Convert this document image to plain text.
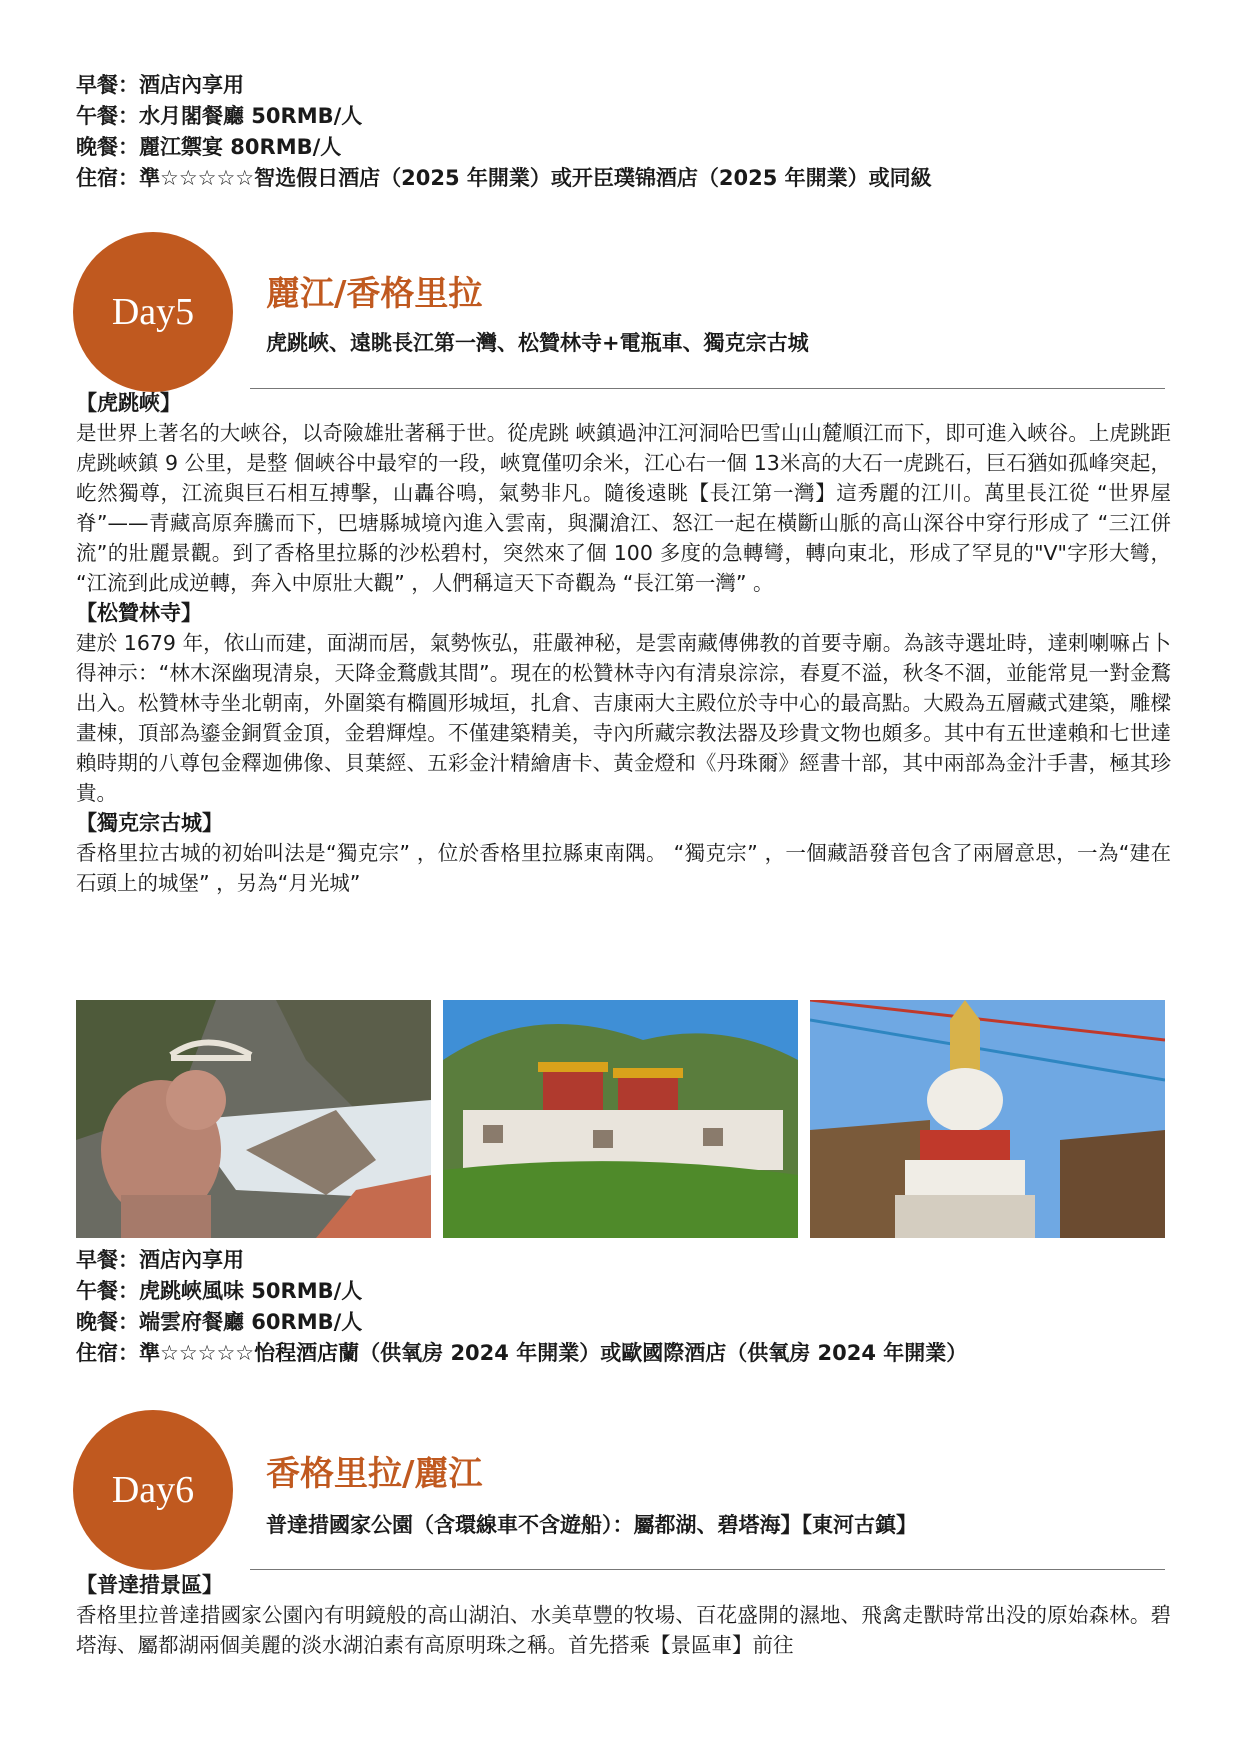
早餐：酒店內享用
午餐：水月閣餐廳 50RMB/人
晚餐：麗江禦宴 80RMB/人
住宿：準☆☆☆☆☆智选假日酒店（2025 年開業）或开臣璞锦酒店（2025 年開業）或同級
Day5	麗江/香格里拉
虎跳峽、遠眺長江第一灣、松贊林寺+電瓶車、獨克宗古城
【虎跳峽】

是世界上著名的大峽谷，以奇險雄壯著稱于世。從虎跳 峽鎮過沖江河洞哈巴雪山山麓順江而下，即可進入峽谷。上虎跳距虎跳峽鎮 9 公里，是整 個峽谷中最窄的一段，峽寬僅叨余米，江心右一個 13米高的大石一虎跳石，巨石猶如孤峰突起，屹然獨尊，江流與巨石相互搏擊，山轟谷鳴，氣勢非凡。隨後遠眺【長江第一灣】這秀麗的江川。萬里長江從 “世界屋脊”——青藏高原奔騰而下，巴塘縣城境內進入雲南，與瀾滄江、怒江一起在橫斷山脈的高山深谷中穿行形成了 “三江併流”的壯麗景觀。到了香格里拉縣的沙松碧村，突然來了個 100 多度的急轉彎，轉向東北，形成了罕見的"V"字形大彎， “江流到此成逆轉，奔入中原壯大觀” ，人們稱這天下奇觀為 “長江第一灣” 。

【松贊林寺】

建於 1679 年，依山而建，面湖而居，氣勢恢弘，莊嚴神秘，是雲南藏傳佛教的首要寺廟。為該寺選址時，達剌喇嘛占卜得神示：“林木深幽現清泉，天降金鶩戲其間”。現在的松贊林寺內有清泉淙淙，春夏不溢，秋冬不涸，並能常見一對金鶩出入。松贊林寺坐北朝南，外圍築有橢圓形城垣，扎倉、吉康兩大主殿位於寺中心的最高點。大殿為五層藏式建築，雕樑畫棟，頂部為鎏金銅質金頂，金碧輝煌。不僅建築精美，寺內所藏宗教法器及珍貴文物也頗多。其中有五世達賴和七世達賴時期的八尊包金釋迦佛像、貝葉經、五彩金汁精繪唐卡、黃金燈和《丹珠爾》經書十部，其中兩部為金汁手書，極其珍貴。

【獨克宗古城】

香格里拉古城的初始叫法是“獨克宗” ，位於香格里拉縣東南隅。 “獨克宗” ，一個藏語發音包含了兩層意思，一為“建在石頭上的城堡” ，另為“月光城”

早餐：酒店內享用
午餐：虎跳峽風味 50RMB/人
晚餐：端雲府餐廳 60RMB/人
住宿：準☆☆☆☆☆怡程酒店蘭（供氧房 2024 年開業）或歐國際酒店（供氧房 2024 年開業）
Day6	香格里拉/麗江
普達措國家公園（含環線車不含遊船）：屬都湖、碧塔海】【東河古鎮】
【普達措景區】

香格里拉普達措國家公園內有明鏡般的高山湖泊、水美草豐的牧場、百花盛開的濕地、飛禽走獸時常出没的原始森林。碧塔海、屬都湖兩個美麗的淡水湖泊素有高原明珠之稱。首先搭乘【景區車】前往
